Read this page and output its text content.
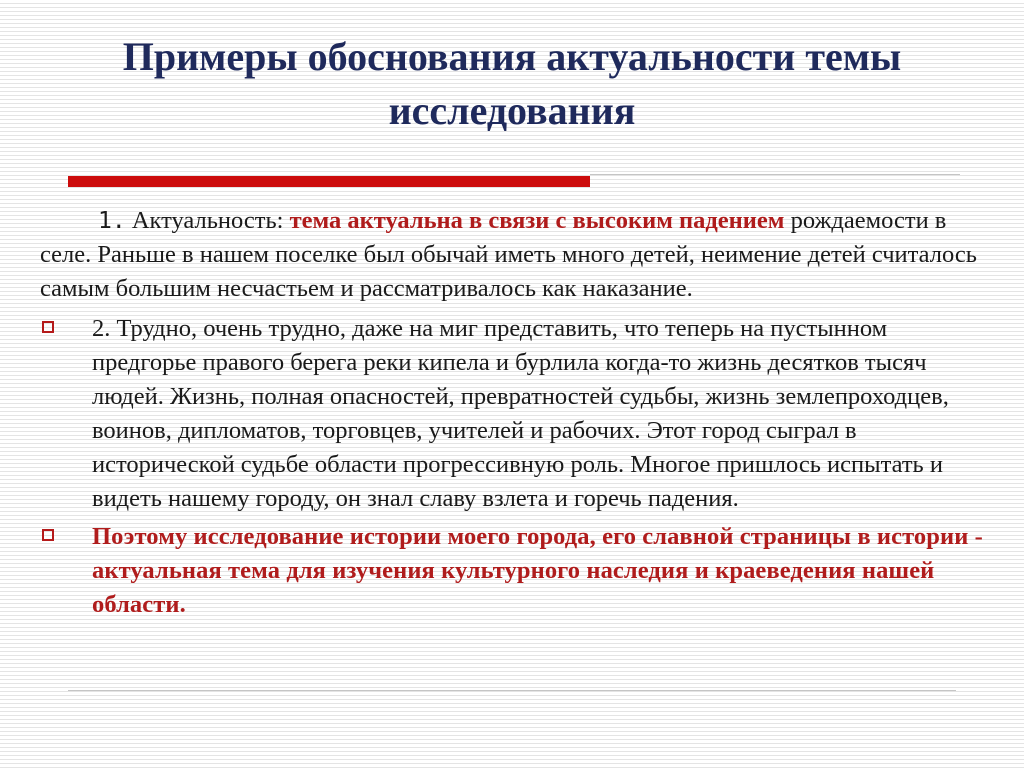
Примеры обоснования актуальности темы
исследования

1. Актуальность: тема актуальна в связи с высоким падением рождаемости в селе. Раньше в нашем поселке был обычай иметь много детей, неимение детей считалось самым большим несчастьем и рассматривалось как наказание.

2. Трудно, очень трудно, даже на миг представить, что теперь на пустынном предгорье правого берега реки кипела и бурлила когда-то жизнь десятков тысяч людей. Жизнь, полная опасностей, превратностей судьбы, жизнь землепроходцев, воинов, дипломатов, торговцев, учителей и рабочих. Этот город сыграл в исторической судьбе области прогрессивную роль. Многое пришлось испытать и видеть нашему городу, он знал славу взлета и горечь падения.
Поэтому исследование истории моего города, его славной страницы в истории - актуальная тема для изучения культурного наследия и краеведения нашей области.
